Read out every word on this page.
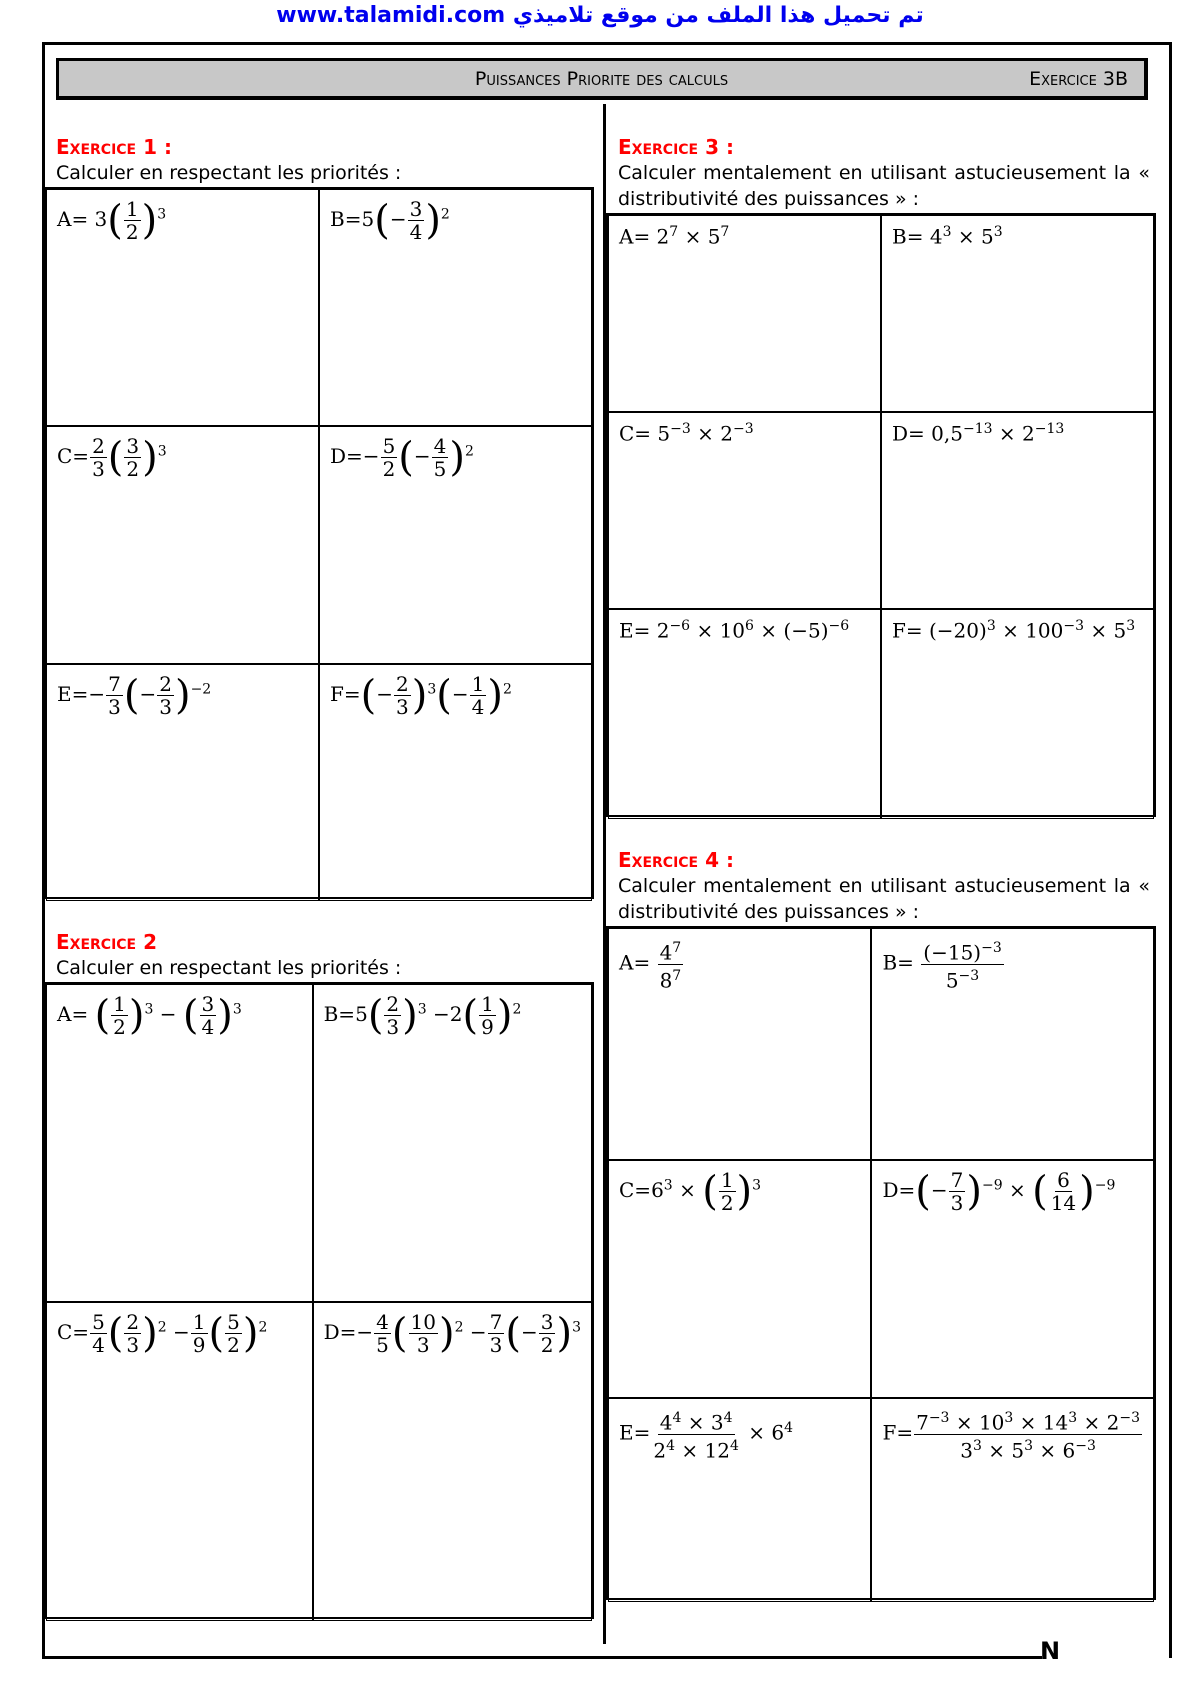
www.talamidi.com تم تحميل هذا الملف من موقع تلاميذي
N
Puissances Priorite des calculs	Exercice 3B
Exercice 1 :
Calculer en respectant les priorités :
$A= 3( \frac{1}{2} )^3$	$B=5(- \frac{3}{4} )^2$
$C= \frac{2}{3}$ ( $\frac{3}{2} )^3$	$D=- \frac{5}{2}$ (− $\frac{4}{5} )^2$
$E=- \frac{7}{3}$ (− $\frac{2}{3} )^{-2}$	$F=(- \frac{2}{3} )^3(- \frac{1}{4} )^2$
Exercice 2
Calculer en respectant les priorités :
A= ( $\frac{1}{2} )^3$ − ( $\frac{3}{4} )^3$	$B=5( \frac{2}{3} )^3 -2( \frac{1}{9} )^2$
$C= \frac{5}{4}$ ( $\frac{2}{3} )^2 - \frac{1}{9}$ ( $\frac{5}{2} )^2$	$D=- \frac{4}{5}$ ( $\frac{10}{3} )^2 - \frac{7}{3}$ (− $\frac{3}{2} )^3$
Exercice 3 :
Calculer mentalement en utilisant astucieusement la « distributivité des puissances » :
$A= 2^7 \times 5^7$	$B= 4^3 \times 5^3$
$C= 5^{-3} \times 2^{-3}$	$D= 0,5^{-13} \times 2^{-13}$
$E= 2^{-6} \times 10^6 \times (-5)^{-6}$	$F= (-20)^3 \times 100^{-3} \times 5^3$
Exercice 4 :
Calculer mentalement en utilisant astucieusement la « distributivité des puissances » :
$A= \frac{4^7}{8^7}$	$B= \frac{(-15)^{-3}}{5^{-3}}$
$C=6^3$ × ( $\frac{1}{2} )^3$	$D=(- \frac{7}{3} )^{-9}$ × ( $\frac{6}{14} )^{-9}$
$E= \frac{4^4 \times 3^4}{2^4 \times 12^4} \times 6^4$	$F= \frac{7^{-3} \times 10^3 \times 14^3 \times 2^{-3}}{3^3 \times 5^3 \times 6^{-3}}$
